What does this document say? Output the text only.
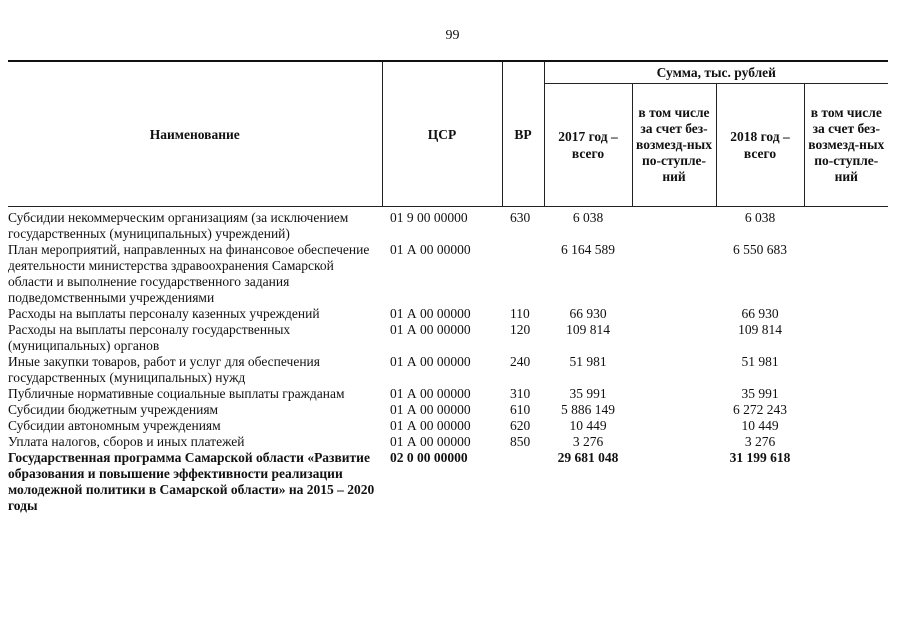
99
Наименование	ЦСР	ВР	Сумма, тыс. рублей			
			2017 год – всего	в том числе за счет без-возмезд-ных по-ступле-ний	2018 год – всего	в том числе за счет без-возмезд-ных по-ступле-ний
Субсидии некоммерческим организациям (за исключением государственных (муниципальных) учреждений)	01 9 00 00000	630	6 038		6 038	
План мероприятий, направленных на финансовое обеспечение деятельности министерства здравоохранения Самарской области и выполнение государственного задания подведомственными учреждениями	01 А 00 00000		6 164 589		6 550 683	
Расходы на выплаты персоналу казенных учреждений	01 А 00 00000	110	66 930		66 930	
Расходы на выплаты персоналу государственных (муниципальных) органов	01 А 00 00000	120	109 814		109 814	
Иные закупки товаров, работ и услуг для обеспечения государственных (муниципальных) нужд	01 А 00 00000	240	51 981		51 981	
Публичные нормативные социальные выплаты гражданам	01 А 00 00000	310	35 991		35 991	
Субсидии бюджетным учреждениям	01 А 00 00000	610	5 886 149		6 272 243	
Субсидии автономным учреждениям	01 А 00 00000	620	10 449		10 449	
Уплата налогов, сборов и иных платежей	01 А 00 00000	850	3 276		3 276	
Государственная программа Самарской области «Развитие образования и повышение эффективности реализации молодежной политики в Самарской области» на 2015 – 2020 годы	02 0 00 00000		29 681 048		31 199 618	
